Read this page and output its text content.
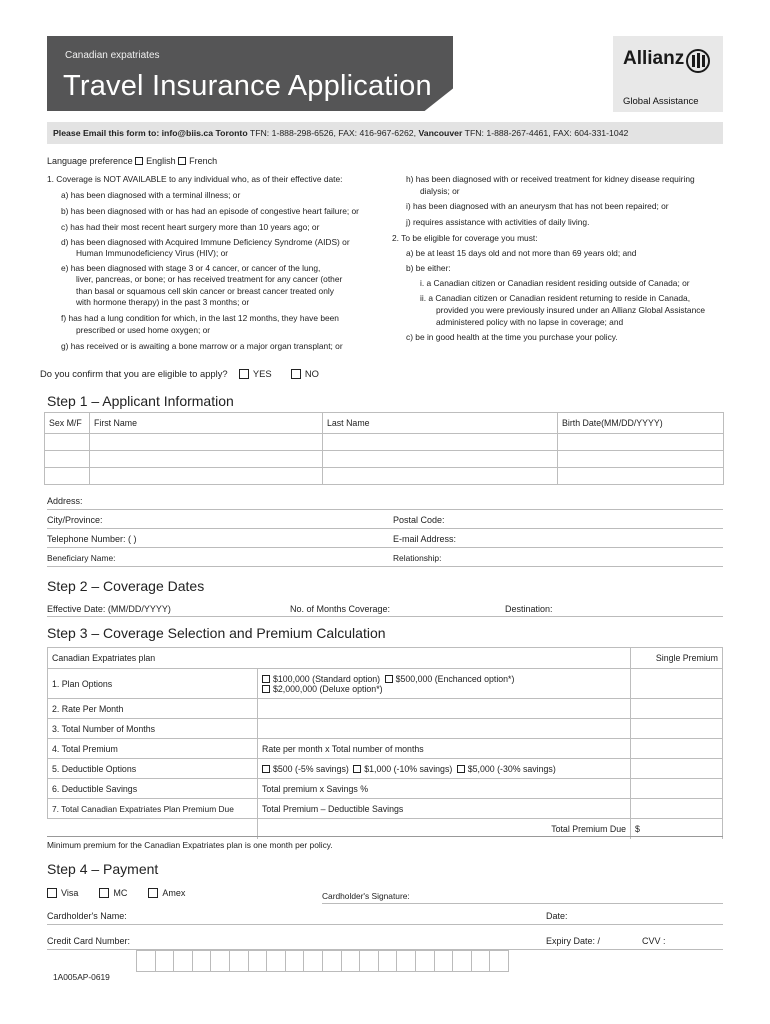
Canadian expatriates
Travel Insurance Application
Allianz
Global Assistance
Please Email this form to: info@biis.ca Toronto TFN: 1-888-298-6526, FAX: 416-967-6262, Vancouver TFN: 1-888-267-4461, FAX: 604-331-1042
Language preference English French
1. Coverage is NOT AVAILABLE to any individual who, as of their effective date:
a) has been diagnosed with a terminal illness; or
b) has been diagnosed with or has had an episode of congestive heart failure; or
c) has had their most recent heart surgery more than 10 years ago; or
d) has been diagnosed with Acquired Immune Deficiency Syndrome (AIDS) or
Human Immunodeficiency Virus (HIV); or
e) has been diagnosed with stage 3 or 4 cancer, or cancer of the lung,
liver, pancreas, or bone; or has received treatment for any cancer (other
than basal or squamous cell skin cancer or breast cancer treated only
with hormone therapy) in the past 3 months; or
f) has had a lung condition for which, in the last 12 months, they have been
prescribed or used home oxygen; or
g) has received or is awaiting a bone marrow or a major organ transplant; or
h) has been diagnosed with or received treatment for kidney disease requiring
dialysis; or
i) has been diagnosed with an aneurysm that has not been repaired; or
j) requires assistance with activities of daily living.
2. To be eligible for coverage you must:
a) be at least 15 days old and not more than 69 years old; and
b) be either:
i. a Canadian citizen or Canadian resident residing outside of Canada; or
ii. a Canadian citizen or Canadian resident returning to reside in Canada,
provided you were previously insured under an Allianz Global Assistance
administered policy with no lapse in coverage; and
c) be in good health at the time you purchase your policy.
Do you confirm that you are eligible to apply?	YES	NO
Step 1 – Applicant Information
Sex M/F	First Name	Last Name	Birth Date(MM/DD/YYYY)

Address:
City/Province:	Postal Code:
Telephone Number: ( )	E-mail Address:
Beneficiary Name:	Relationship:
Step 2 – Coverage Dates
Effective Date: (MM/DD/YYYY)	No. of Months Coverage:	Destination:
Step 3 – Coverage Selection and Premium Calculation
Canadian Expatriates plan		Single Premium
1. Plan Options	$100,000 (Standard option) $500,000 (Enchanced option*)
$2,000,000 (Deluxe option*)	

2. Rate Per Month		
3. Total Number of Months		
4. Total Premium	Rate per month x Total number of months	
5. Deductible Options	$500 (-5% savings) $1,000 (-10% savings) $5,000 (-30% savings)	
6. Deductible Savings	Total premium x Savings %	
7. Total Canadian Expatriates Plan Premium Due	Total Premium – Deductible Savings	
	Total Premium Due	$
Minimum premium for the Canadian Expatriates plan is one month per policy.
Step 4 – Payment
Visa	MC	Amex	Cardholder's Signature:
Cardholder's Name:	Date:
Credit Card Number:	Expiry Date: /	CVV :
1A005AP-0619
